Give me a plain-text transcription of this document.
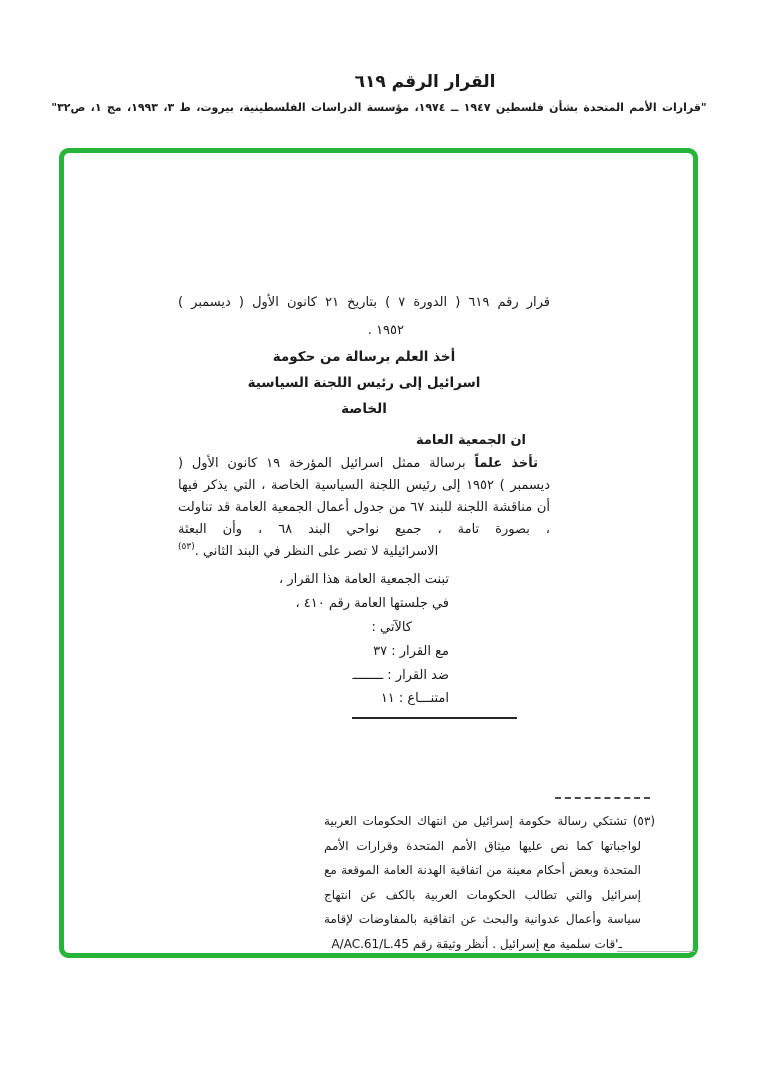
القرار الرقم ٦١٩
"قرارات الأمم المتحدة بشأن فلسطين ١٩٤٧ ــ ١٩٧٤، مؤسسة الدراسات الفلسطينية، بيروت، ط ٣، ١٩٩٣، مج ١، ص٣٢"
قرار رقم ٦١٩ ( الدورة ٧ ) بتاريخ ٢١ كانون الأول ( ديسمبر )
١٩٥٢ .
أخذ العلم برسالة من حكومة
اسرائيل إلى رئيس اللجنة السياسية
الخاصة
ان الجمعية العامة
تأخذ علماً برسالة ممثل اسرائيل المؤرخة ١٩ كانون الأول ( ديسمبر ) ١٩٥٢ إلى رئيس اللجنة السياسية الخاصة ، التي يذكر فيها أن مناقشة اللجنة للبند ٦٧ من جدول أعمال الجمعية العامة قد تناولت ، بصورة تامة ، جميع نواحي البند ٦٨ ، وأن البعثة
الاسرائيلية لا تصر على النظر في البند الثاني .$^{(٥٣)}$
تبنت الجمعية العامة هذا القرار ،
في جلستها العامة رقم ٤١٠ ،
كالآتي :
مع القرار : ٣٧
ضد القرار : ــــــــ
امتنـــاع : ١١
(٥٣) تشتكي رسالة حكومة إسرائيل من انتهاك الحكومات العربية لواجباتها كما نص عليها ميثاق الأمم المتحدة وقرارات الأمم المتحدة وبعض أحكام معينة من اتفاقية الهدنة العامة الموقعة مع إسرائيل والتي تطالب الحكومات العربية بالكف عن انتهاج سياسة وأعمال عدوانية والبحث عن اتفاقية بالمفاوضات لإقامة
ـ'قات سلمية مع إسرائيل . أنظر وثيقة رقم A/AC.61/L.45
